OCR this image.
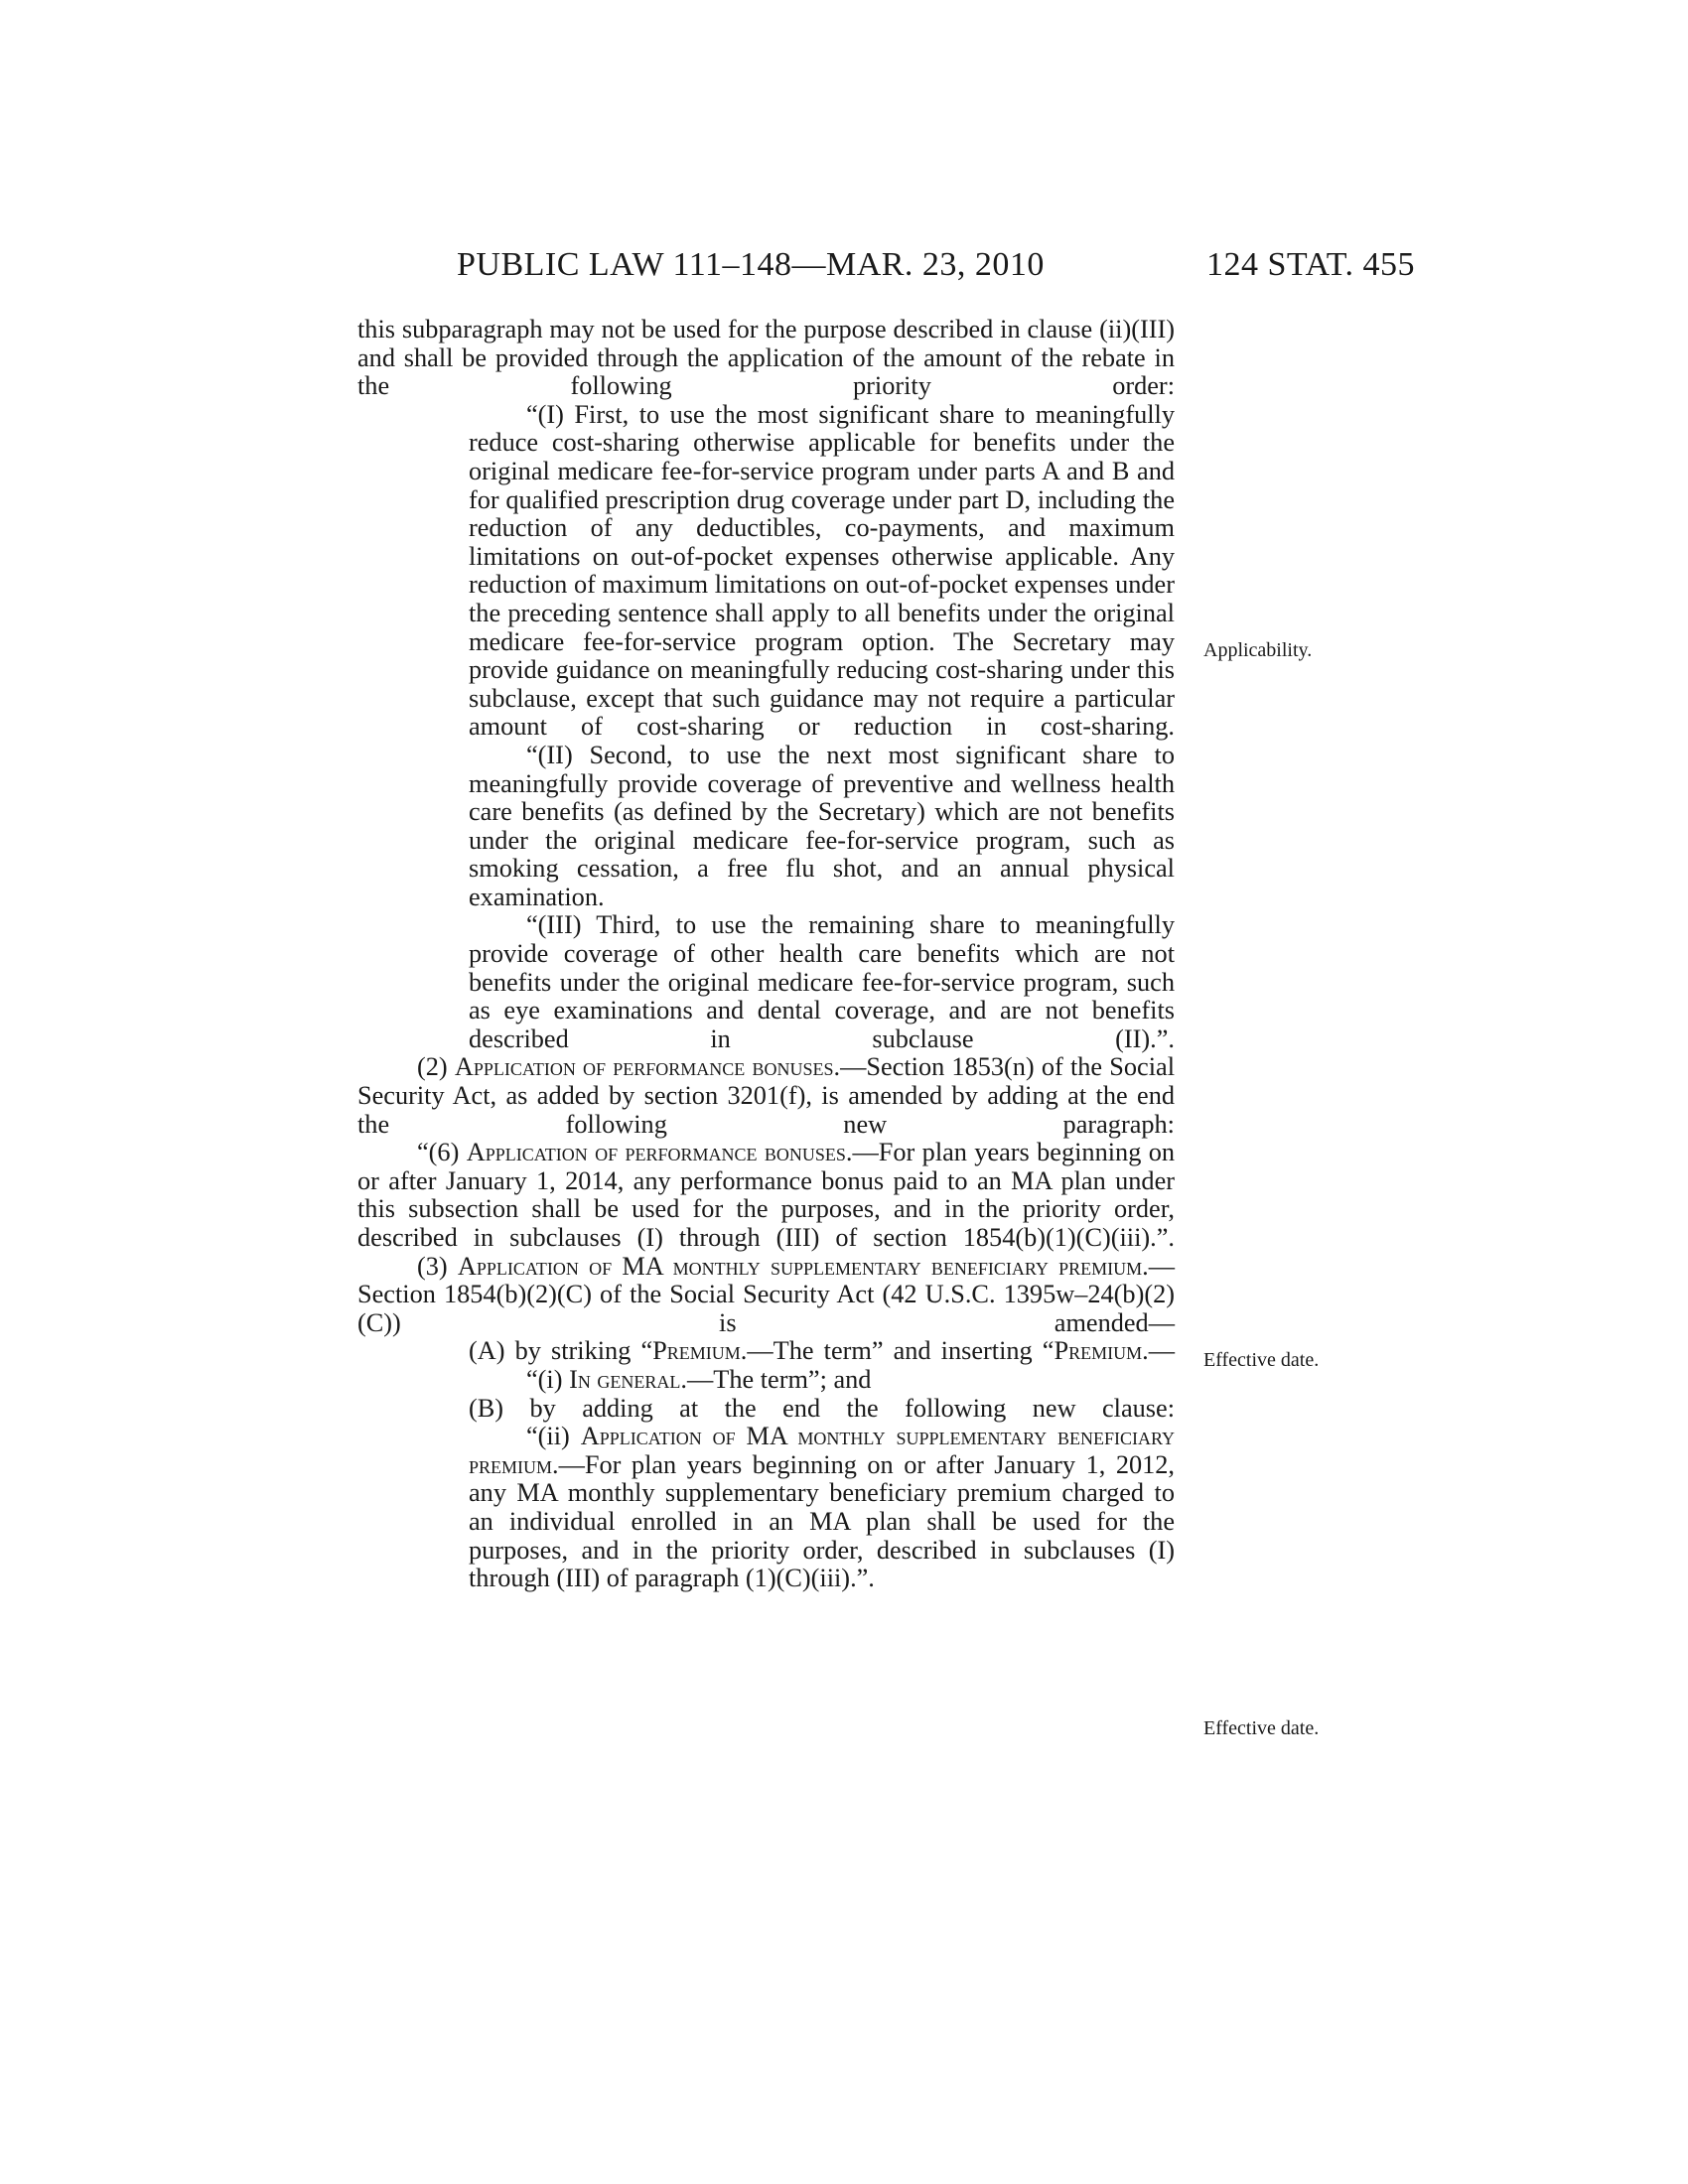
PUBLIC LAW 111–148—MAR. 23, 2010	124 STAT. 455

this subparagraph may not be used for the purpose described in clause (ii)(III) and shall be provided through the application of the amount of the rebate in the following priority order:

“(I) First, to use the most significant share to meaningfully reduce cost-sharing otherwise applicable for benefits under the original medicare fee-for-service program under parts A and B and for qualified prescription drug coverage under part D, including the reduction of any deductibles, co-payments, and maximum limitations on out-of-pocket expenses otherwise applicable. Any reduction of maximum limitations on out-of-pocket expenses under the preceding sentence shall apply to all benefits under the original medicare fee-for-service program option. The Secretary may provide guidance on meaningfully reducing cost-sharing under this subclause, except that such guidance may not require a particular amount of cost-sharing or reduction in cost-sharing.

“(II) Second, to use the next most significant share to meaningfully provide coverage of preventive and wellness health care benefits (as defined by the Secretary) which are not benefits under the original medicare fee-for-service program, such as smoking cessation, a free flu shot, and an annual physical examination.

“(III) Third, to use the remaining share to meaningfully provide coverage of other health care benefits which are not benefits under the original medicare fee-for-service program, such as eye examinations and dental coverage, and are not benefits described in subclause (II).”.

(2) Application of performance bonuses.—Section 1853(n) of the Social Security Act, as added by section 3201(f), is amended by adding at the end the following new paragraph:

“(6) Application of performance bonuses.—For plan years beginning on or after January 1, 2014, any performance bonus paid to an MA plan under this subsection shall be used for the purposes, and in the priority order, described in subclauses (I) through (III) of section 1854(b)(1)(C)(iii).”.

(3) Application of MA monthly supplementary beneficiary premium.—Section 1854(b)(2)(C) of the Social Security Act (42 U.S.C. 1395w–24(b)(2)(C)) is amended—

(A) by striking “Premium.—The term” and inserting “Premium.—

“(i) In general.—The term”; and

(B) by adding at the end the following new clause:

“(ii) Application of MA monthly supplementary beneficiary premium.—For plan years beginning on or after January 1, 2012, any MA monthly supplementary beneficiary premium charged to an individual enrolled in an MA plan shall be used for the purposes, and in the priority order, described in subclauses (I) through (III) of paragraph (1)(C)(iii).”.

Applicability.
Effective date.
Effective date.
